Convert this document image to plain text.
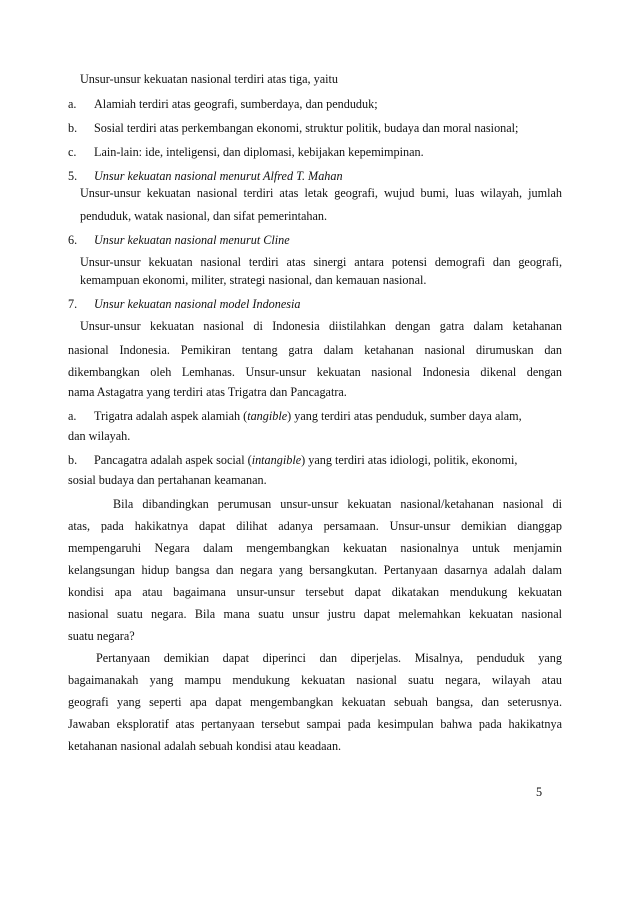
Unsur-unsur kekuatan nasional terdiri atas tiga, yaitu
a. Alamiah terdiri atas geografi, sumberdaya, dan penduduk;
b. Sosial terdiri atas perkembangan ekonomi, struktur politik, budaya dan moral nasional;
c. Lain-lain: ide, inteligensi, dan diplomasi, kebijakan kepemimpinan.
5. Unsur kekuatan nasional menurut Alfred T. Mahan
Unsur-unsur kekuatan nasional terdiri atas letak geografi, wujud bumi, luas wilayah, jumlah
penduduk, watak nasional, dan sifat pemerintahan.
6. Unsur kekuatan nasional menurut Cline
Unsur-unsur kekuatan nasional terdiri atas sinergi antara potensi demografi dan geografi,
kemampuan ekonomi, militer, strategi nasional, dan kemauan nasional.
7. Unsur kekuatan nasional model Indonesia
Unsur-unsur kekuatan nasional di Indonesia diistilahkan dengan gatra dalam ketahanan
nasional Indonesia. Pemikiran tentang gatra dalam ketahanan nasional dirumuskan dan
dikembangkan oleh Lemhanas. Unsur-unsur kekuatan nasional Indonesia dikenal dengan
nama Astagatra yang terdiri atas Trigatra dan Pancagatra.
a. Trigatra adalah aspek alamiah (tangible) yang terdiri atas penduduk, sumber daya alam,
dan wilayah.
b. Pancagatra adalah aspek social (intangible) yang terdiri atas idiologi, politik, ekonomi,
sosial budaya dan pertahanan keamanan.
Bila dibandingkan perumusan unsur-unsur kekuatan nasional/ketahanan nasional di
atas, pada hakikatnya dapat dilihat adanya persamaan. Unsur-unsur demikian dianggap
mempengaruhi Negara dalam mengembangkan kekuatan nasionalnya untuk menjamin
kelangsungan hidup bangsa dan negara yang bersangkutan. Pertanyaan dasarnya adalah dalam
kondisi apa atau bagaimana unsur-unsur tersebut dapat dikatakan mendukung kekuatan
nasional suatu negara. Bila mana suatu unsur justru dapat melemahkan kekuatan nasional
suatu negara?
Pertanyaan demikian dapat diperinci dan diperjelas. Misalnya, penduduk yang
bagaimanakah yang mampu mendukung kekuatan nasional suatu negara, wilayah atau
geografi yang seperti apa dapat mengembangkan kekuatan sebuah bangsa, dan seterusnya.
Jawaban eksploratif atas pertanyaan tersebut sampai pada kesimpulan bahwa pada hakikatnya
ketahanan nasional adalah sebuah kondisi atau keadaan.
5
